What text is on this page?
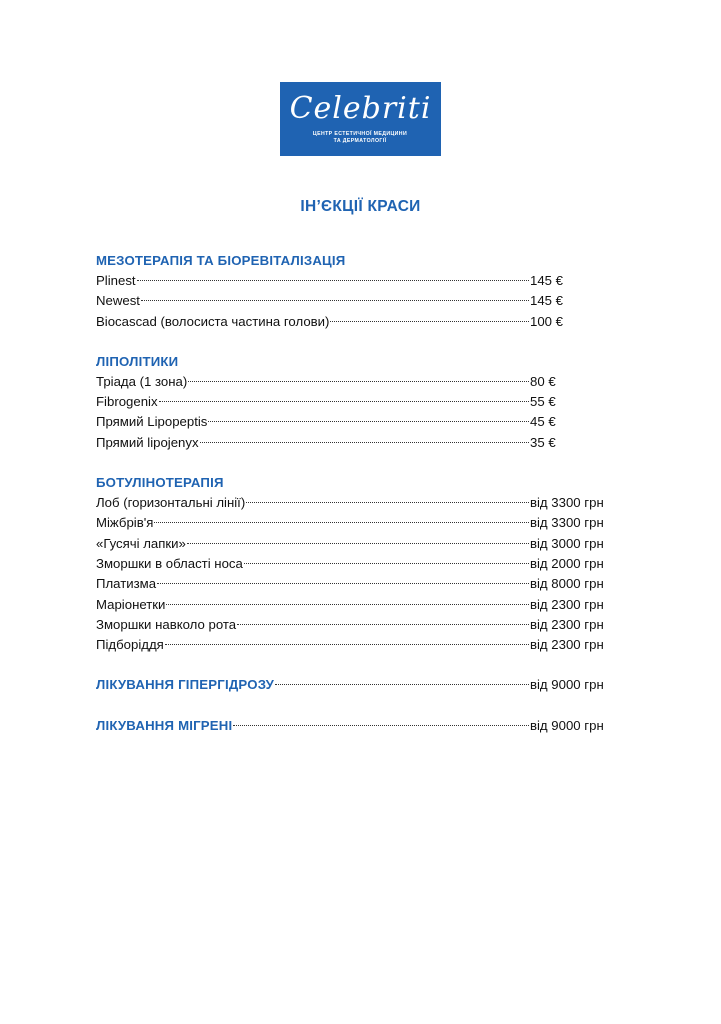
Celebriti
ЦЕНТР ЕСТЕТИЧНОЇ МЕДИЦИНИ
ТА ДЕРМАТОЛОГІЇ
ІН’ЄКЦІЇ КРАСИ
МЕЗОТЕРАПІЯ ТА БІОРЕВІТАЛІЗАЦІЯ
Plinest	145 €
Newest	145 €
Biocascad (волосиста частина голови)	100 €
ЛІПОЛІТИКИ
Тріада (1 зона)	80 €
Fibrogenix	55 €
Прямий Lipopeptis	45 €
Прямий lipojenyx	35 €
БОТУЛІНОТЕРАПІЯ
Лоб (горизонтальні лінії)	від 3300 грн
Міжбрів'я	від 3300 грн
«Гусячі лапки»	від 3000 грн
Зморшки в області носа	від 2000 грн
Платизма	від 8000 грн
Маріонетки	від 2300 грн
Зморшки навколо рота	від 2300 грн
Підборіддя	від 2300 грн
ЛІКУВАННЯ ГІПЕРГІДРОЗУ	від 9000 грн
ЛІКУВАННЯ МІГРЕНІ	від 9000 грн
